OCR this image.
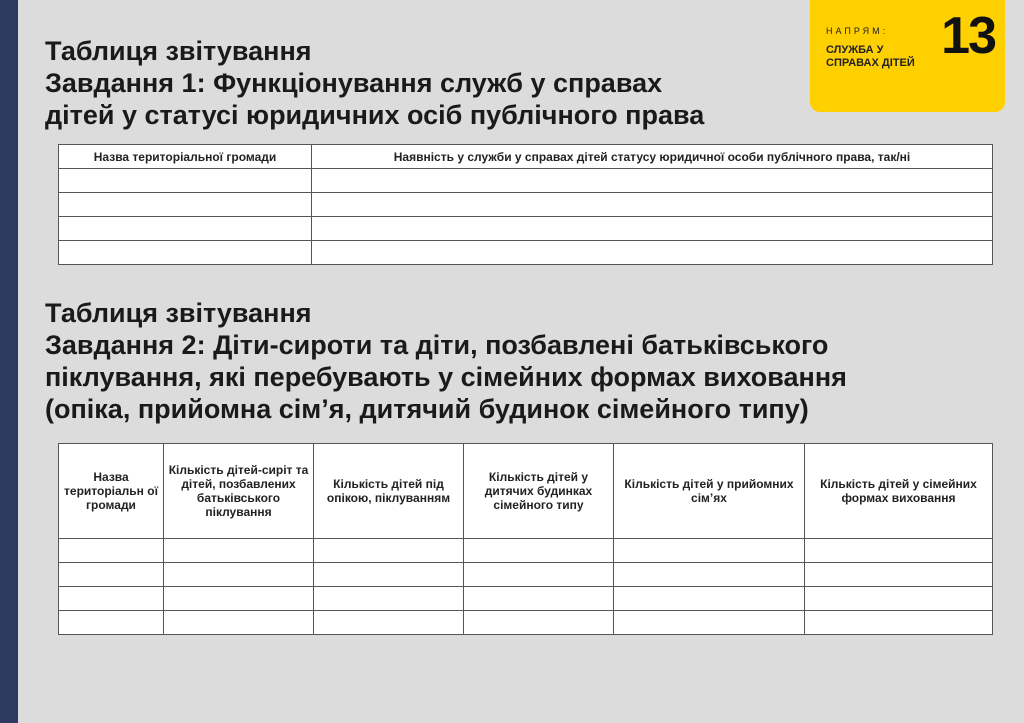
НАПРЯМ:
СЛУЖБА У
СПРАВАХ ДІТЕЙ 13
Таблиця звітування
Завдання 1: Функціонування служб у справах
дітей у статусі юридичних осіб публічного права
Назва територіальної громади	Наявність у служби у справах дітей статусу юридичної особи публічного права, так/ні

Таблиця звітування
Завдання 2: Діти-сироти та діти, позбавлені батьківського
піклування, які перебувають у сімейних формах виховання
(опіка, прийомна сім’я, дитячий будинок сімейного типу)
Назва територіальн ої громади	Кількість дітей-сиріт та дітей, позбавлених батьківського піклування	Кількість дітей під опікою, піклуванням	Кількість дітей у дитячих будинках сімейного типу	Кількість дітей у прийомних сім’ях	Кількість дітей у сімейних формах виховання
